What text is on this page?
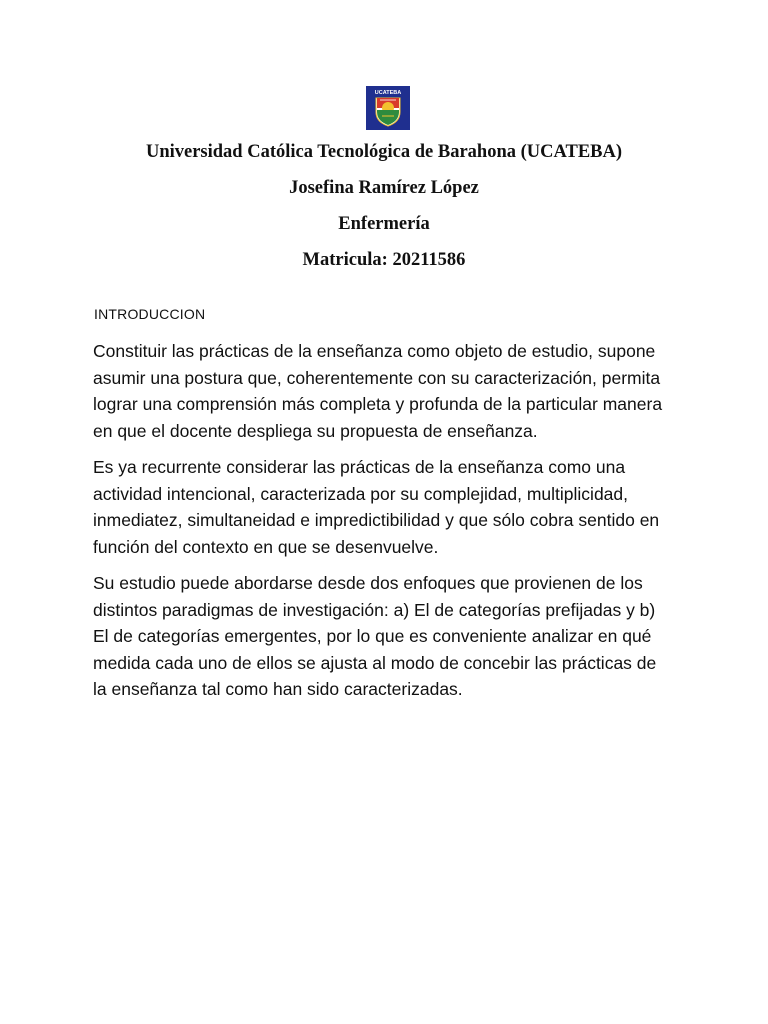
UCATEBA
Universidad Católica Tecnológica de Barahona (UCATEBA)
Josefina Ramírez López
Enfermería
Matricula: 20211586
INTRODUCCION

Constituir las prácticas de la enseñanza como objeto de estudio, supone asumir una postura que, coherentemente con su caracterización, permita lograr una comprensión más completa y profunda de la particular manera en que el docente despliega su propuesta de enseñanza.

Es ya recurrente considerar las prácticas de la enseñanza como una actividad intencional, caracterizada por su complejidad, multiplicidad, inmediatez, simultaneidad e impredictibilidad y que sólo cobra sentido en función del contexto en que se desenvuelve.

Su estudio puede abordarse desde dos enfoques que provienen de los distintos paradigmas de investigación: a) El de categorías prefijadas y b) El de categorías emergentes, por lo que es conveniente analizar en qué medida cada uno de ellos se ajusta al modo de concebir las prácticas de la enseñanza tal como han sido caracterizadas.
